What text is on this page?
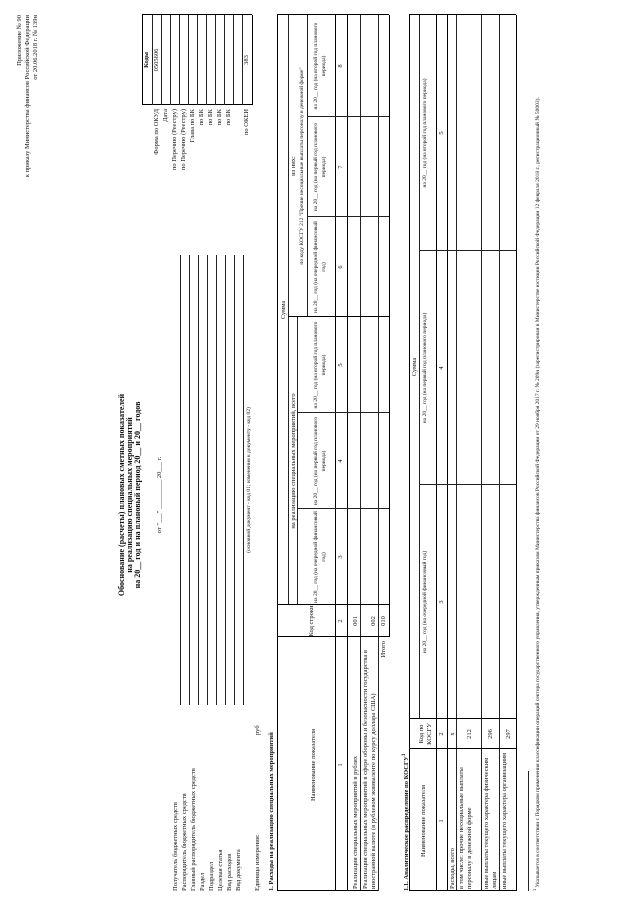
Приложение № 90 к приказу Министерства финансов Российской Федерации от 20.06.2018 г. № 139н
Обоснование (расчеты) плановых сметных показателей на реализацию специальных мероприятий на 20__ год и на плановый период 20__ и 20__ годов от "___" _________ 20___ г.
Коды
Форма по ОКУД
0505606
Дата по Перечню (Реестру) по Перечню (Реестру) Глава по БК по БК по БК по БК по БК по ОКЕИ
383
Получатель бюджетных средств Распорядитель бюджетных средств Главный распорядитель бюджетных средств Раздел Подраздел Целевая статья Вид расходов Вид документа
(основной документ - код 01; изменения к документу - код 02)
Единица измерения:
руб
1. Расходы на реализацию специальных мероприятий	Наименование показателя
Код строки
Сумма
на реализацию специальных мероприятий, всего
из них: по коду КОСГУ 212 "Прочие несоциальные выплаты персоналу в денежной форме"
на 20__ год (на очередной финансовый год)
на 20__ год (на первый год планового периода)
на 20__ год (на второй год планового периода)
на 20__ год (на очередной финансовый год)
на 20__ год (на первый год планового периода)
на 20__ год (на второй год планового периода)
1
2
3
4
5
6
7
8
Реализация специальных мероприятий в рублях
001
Реализация специальных мероприятий в сфере обороны и безопасности государства в иностранной валюте (в рублевом эквиваленте по курсу доллара США)
002
Итого
010
1.1. Аналитическое распределение по КОСГУ$^1$
Наименование показателя
Код по КОСГУ
Сумма
на 20__ год (на очередной финансовый год)
на 20__ год (на первый год планового периода)
на 20__ год (на второй год планового периода)
1
2
3
4
5
Расходы, всего
x
в том числе: прочие несоциальные выплаты персоналу в денежной форме
212
иные выплаты текущего характера физическим лицам
296
иные выплаты текущего характера организациям
297
$^1$ Указывается в соответствии с Порядком применения классификации операций сектора государственного управления, утвержденным приказом Министерства финансов Российской Федерации от 29 ноября 2017 г. № 209н (зарегистрирован в Министерстве юстиции Российской Федерации 12 февраля 2018 г., регистрационный № 50003).
